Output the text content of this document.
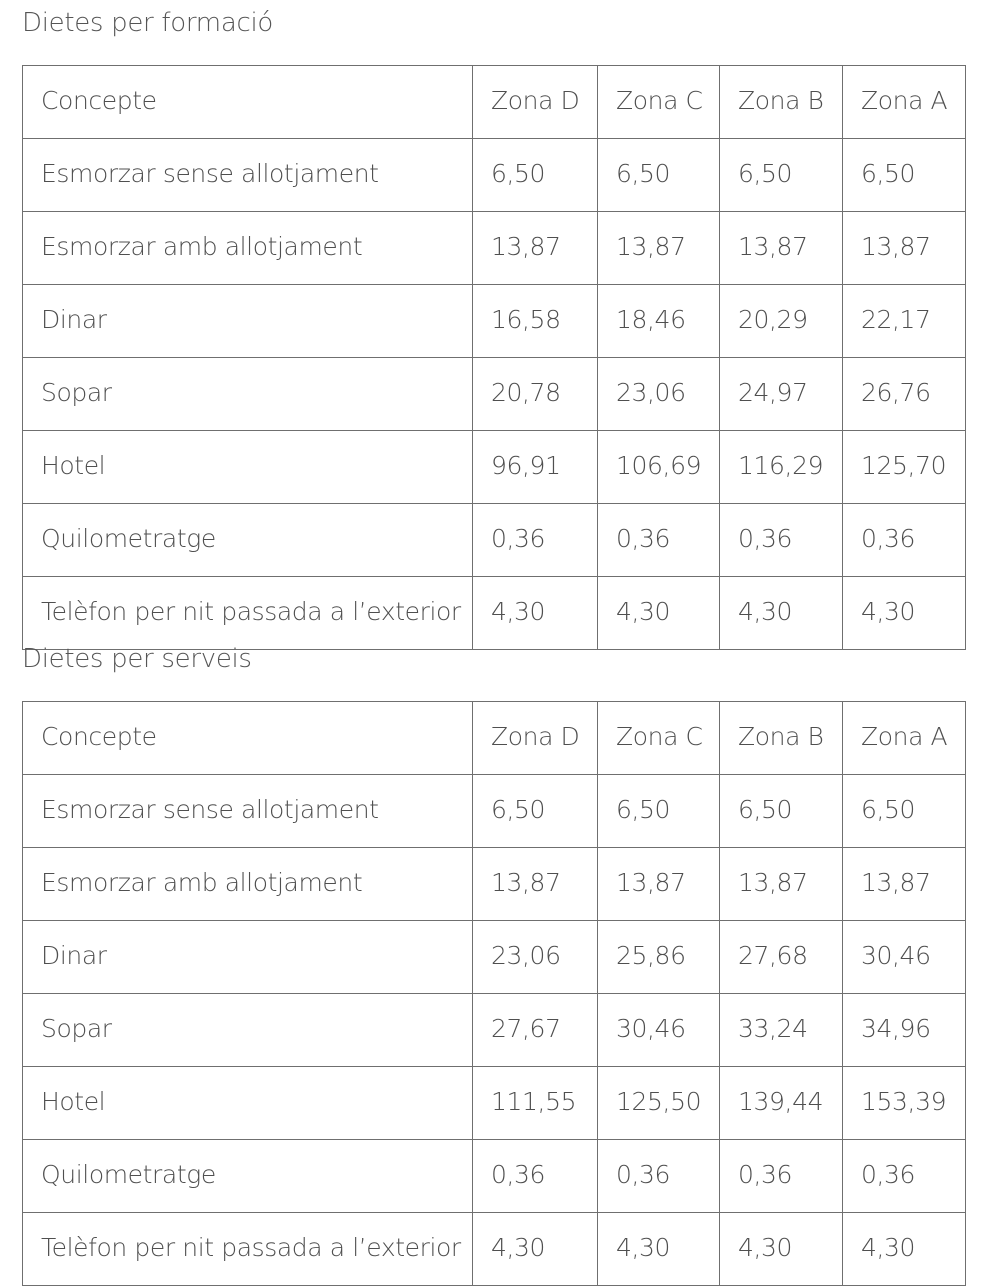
Dietes per formació
Concepte	Zona D	Zona C	Zona B	Zona A
Esmorzar sense allotjament	6,50	6,50	6,50	6,50
Esmorzar amb allotjament	13,87	13,87	13,87	13,87
Dinar	16,58	18,46	20,29	22,17
Sopar	20,78	23,06	24,97	26,76
Hotel	96,91	106,69	116,29	125,70
Quilometratge	0,36	0,36	0,36	0,36
Telèfon per nit passada a l’exterior	4,30	4,30	4,30	4,30
Dietes per serveis
Concepte	Zona D	Zona C	Zona B	Zona A
Esmorzar sense allotjament	6,50	6,50	6,50	6,50
Esmorzar amb allotjament	13,87	13,87	13,87	13,87
Dinar	23,06	25,86	27,68	30,46
Sopar	27,67	30,46	33,24	34,96
Hotel	111,55	125,50	139,44	153,39
Quilometratge	0,36	0,36	0,36	0,36
Telèfon per nit passada a l’exterior	4,30	4,30	4,30	4,30
